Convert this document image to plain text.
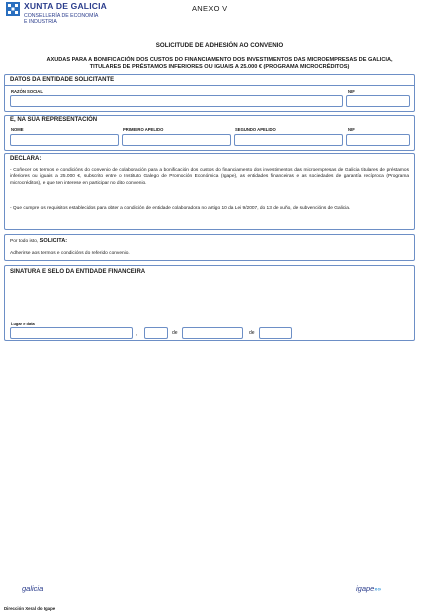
XUNTA DE GALICIA
CONSELLERÍA DE ECONOMÍA
E INDUSTRIA
ANEXO V
SOLICITUDE DE ADHESIÓN AO CONVENIO
AXUDAS PARA A BONIFICACIÓN DOS CUSTOS DO FINANCIAMENTO DOS INVESTIMENTOS DAS MICROEMPRESAS DE GALICIA,
TITULARES DE PRÉSTAMOS INFERIORES OU IGUAIS A 25.000 € (PROGRAMA MICROCRÉDITOS)
DATOS DA ENTIDADE SOLICITANTE
RAZÓN SOCIAL	NIF
E, NA SÚA REPRESENTACIÓN
NOME	PRIMEIRO APELIDO	SEGUNDO APELIDO	NIF
DECLARA:
- Coñecer os termos e condicións do convenio de colaboración para a bonificación dos custos do financiamento dos investimentos das microempresas de Galicia titulares de préstamos inferiores ou iguais a 25.000 €, subscrito entre o Instituto Galego de Promoción Económica (Igape), as entidades financeiras e as sociedades de garantía recíproca (Programa microcréditos), e que ten interese en participar no dito convenio.
- Que cumpre os requisitos establecidos para obter a condición de entidade colaboradora no artigo 10 da Lei 9/2007, do 13 de xuño, de subvencións de Galicia.
Por todo isto, SOLICITA:
Adherirse aos termos e condicións do referido convenio.
SINATURA E SELO DA ENTIDADE FINANCEIRA
Lugar e data
,	de	de
galicia	igape»»
Dirección Xeral do Igape
